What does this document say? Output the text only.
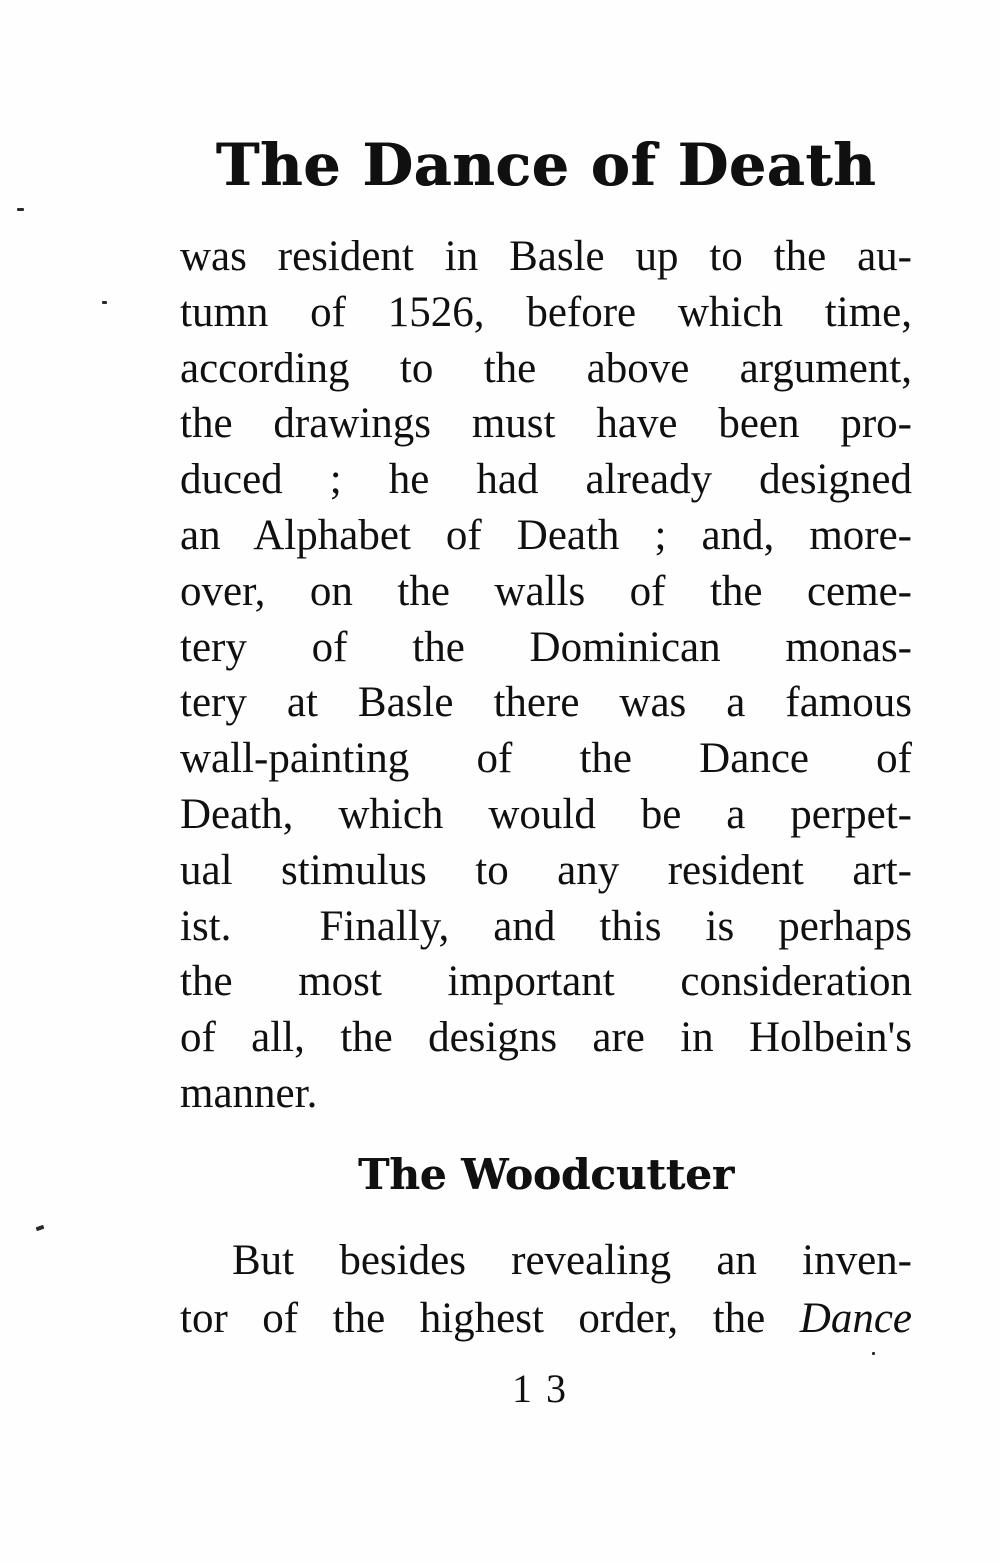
The Dance of Death
was resident in Basle up to the au-
tumn of 1526, before which time,
according to the above argument,
the drawings must have been pro-
duced ; he had already designed
an Alphabet of Death ; and, more-
over, on the walls of the ceme-
tery of the Dominican monas-
tery at Basle there was a famous
wall-painting of the Dance of
Death, which would be a perpet-
ual stimulus to any resident art-
ist.  Finally, and this is perhaps
the most important consideration
of all, the designs are in Holbein's
manner.
The Woodcutter
But besides revealing an inven-
tor of the highest order, the Dance
13
